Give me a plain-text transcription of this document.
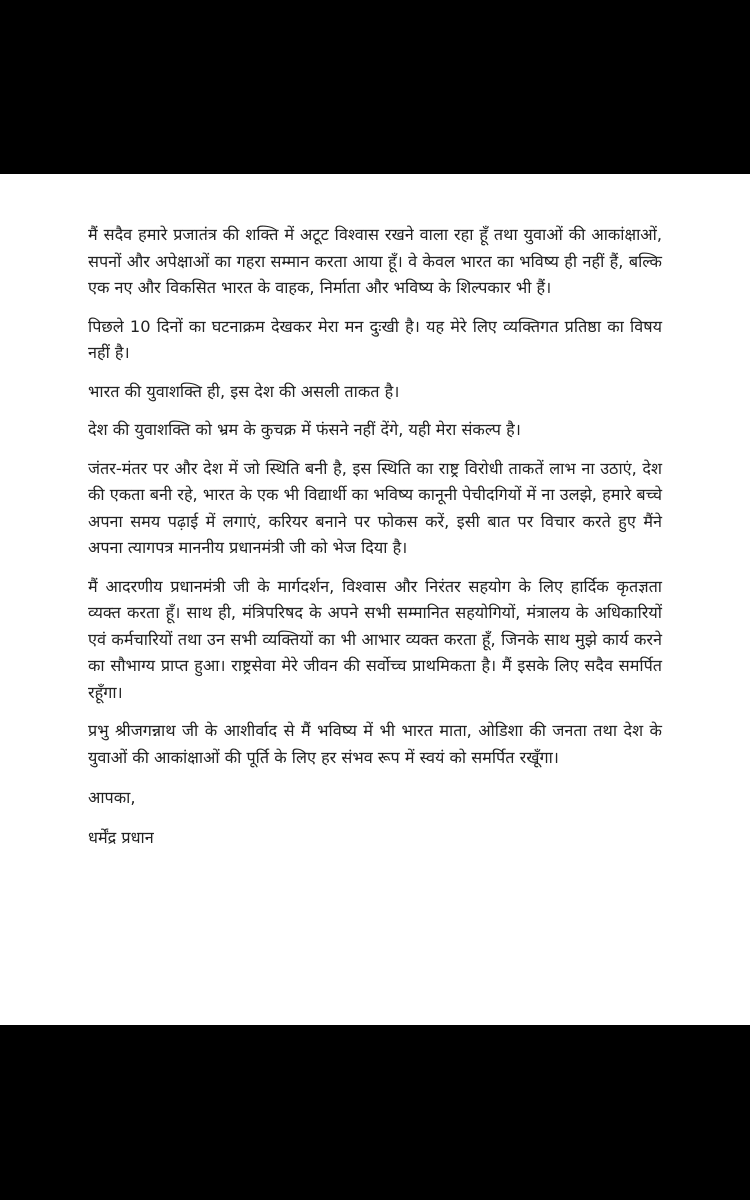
मैं सदैव हमारे प्रजातंत्र की शक्ति में अटूट विश्वास रखने वाला रहा हूँ तथा युवाओं की आकांक्षाओं, सपनों और अपेक्षाओं का गहरा सम्मान करता आया हूँ। वे केवल भारत का भविष्य ही नहीं हैं, बल्कि एक नए और विकसित भारत के वाहक, निर्माता और भविष्य के शिल्पकार भी हैं।

पिछले 10 दिनों का घटनाक्रम देखकर मेरा मन दुःखी है। यह मेरे लिए व्यक्तिगत प्रतिष्ठा का विषय नहीं है।

भारत की युवाशक्ति ही, इस देश की असली ताकत है।

देश की युवाशक्ति को भ्रम के कुचक्र में फंसने नहीं देंगे, यही मेरा संकल्प है।

जंतर-मंतर पर और देश में जो स्थिति बनी है, इस स्थिति का राष्ट्र विरोधी ताकतें लाभ ना उठाएं, देश की एकता बनी रहे, भारत के एक भी विद्यार्थी का भविष्य कानूनी पेचीदगियों में ना उलझे, हमारे बच्चे अपना समय पढ़ाई में लगाएं, करियर बनाने पर फोकस करें, इसी बात पर विचार करते हुए मैंने अपना त्यागपत्र माननीय प्रधानमंत्री जी को भेज दिया है।

मैं आदरणीय प्रधानमंत्री जी के मार्गदर्शन, विश्वास और निरंतर सहयोग के लिए हार्दिक कृतज्ञता व्यक्त करता हूँ। साथ ही, मंत्रिपरिषद के अपने सभी सम्मानित सहयोगियों, मंत्रालय के अधिकारियों एवं कर्मचारियों तथा उन सभी व्यक्तियों का भी आभार व्यक्त करता हूँ, जिनके साथ मुझे कार्य करने का सौभाग्य प्राप्त हुआ। राष्ट्रसेवा मेरे जीवन की सर्वोच्च प्राथमिकता है। मैं इसके लिए सदैव समर्पित रहूँगा।

प्रभु श्रीजगन्नाथ जी के आशीर्वाद से मैं भविष्य में भी भारत माता, ओडिशा की जनता तथा देश के युवाओं की आकांक्षाओं की पूर्ति के लिए हर संभव रूप में स्वयं को समर्पित रखूँगा।

आपका,

धर्मेंद्र प्रधान
